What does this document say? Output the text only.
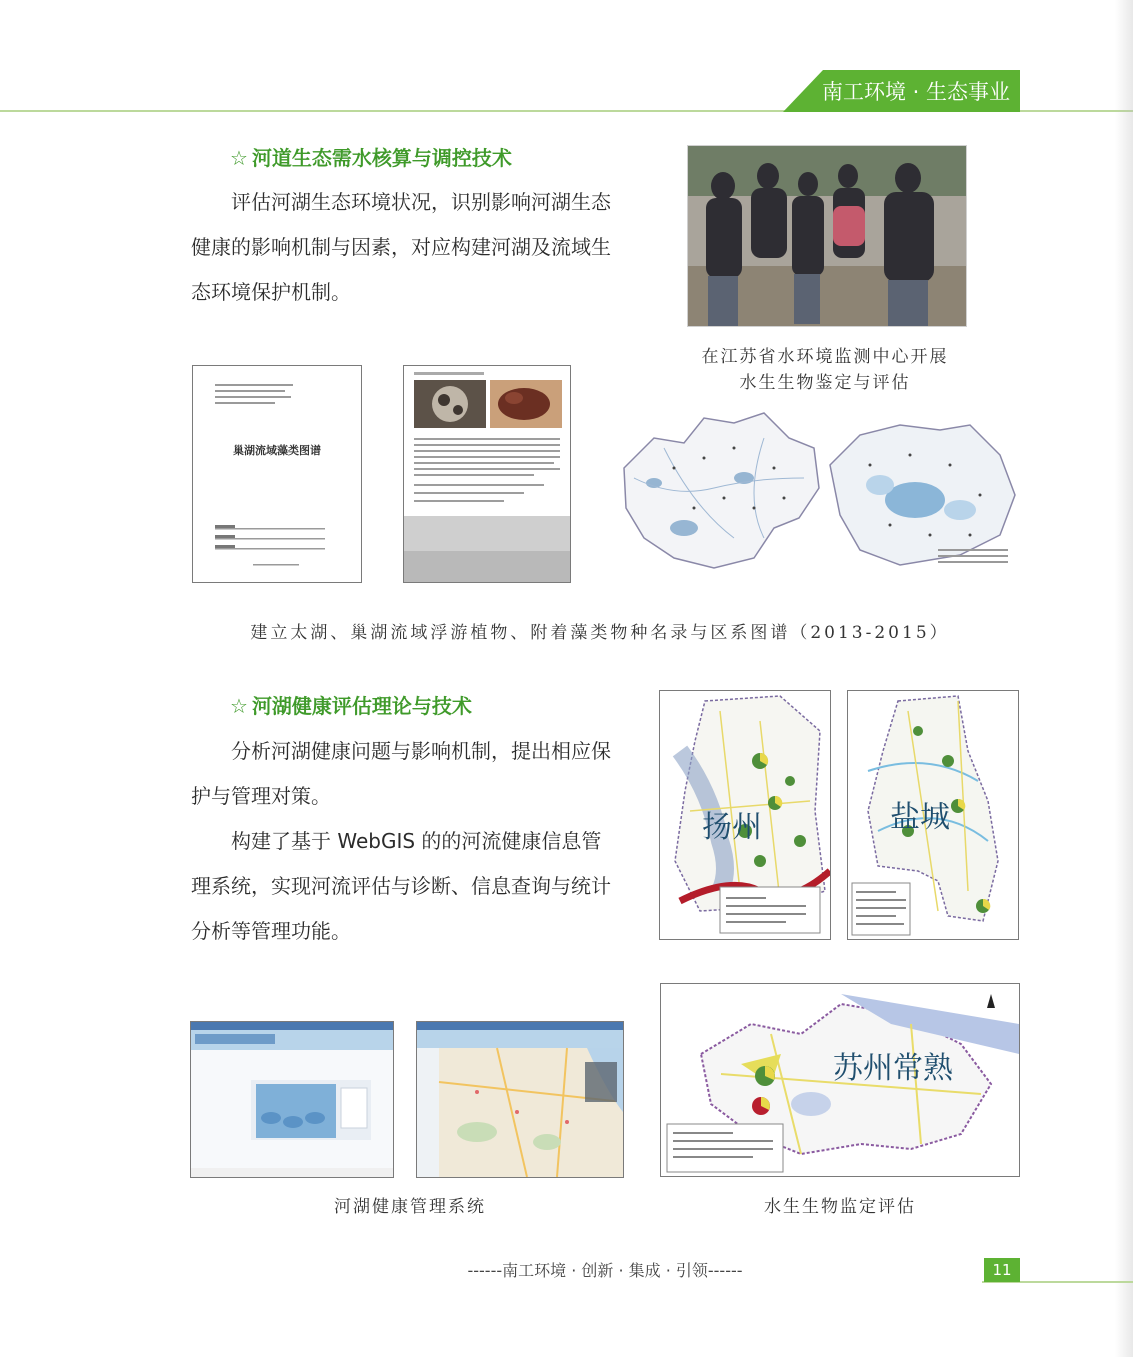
南工环境 · 生态事业
☆ 河道生态需水核算与调控技术
评估河湖生态环境状况，识别影响河湖生态
健康的影响机制与因素，对应构建河湖及流域生
态环境保护机制。
在江苏省水环境监测中心开展
水生生物鉴定与评估
巢湖流域藻类图谱
建立太湖、巢湖流域浮游植物、附着藻类物种名录与区系图谱（2013-2015）
☆ 河湖健康评估理论与技术
分析河湖健康问题与影响机制，提出相应保
护与管理对策。
构建了基于 WebGIS 的的河流健康信息管
理系统，实现河流评估与诊断、信息查询与统计
分析等管理功能。
扬州	盐城
苏州常熟
河湖健康管理系统	水生生物监定评估
------南工环境 · 创新 · 集成 · 引领------	11
